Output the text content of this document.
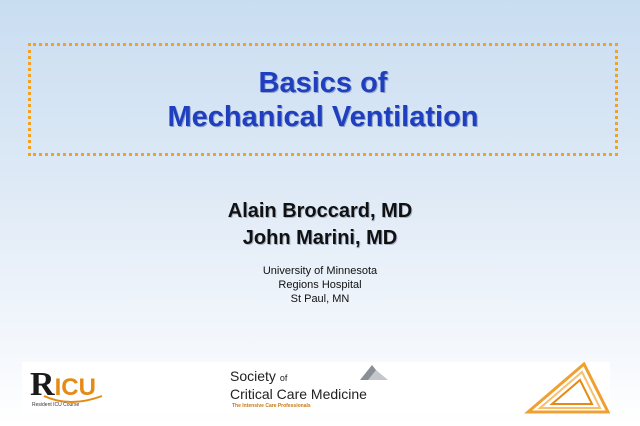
Basics of
Mechanical Ventilation
Alain Broccard, MD
John Marini, MD
University of Minnesota
Regions Hospital
St Paul, MN
RICU
Resident ICU Course
Society of
Critical Care Medicine
The Intensive Care Professionals
